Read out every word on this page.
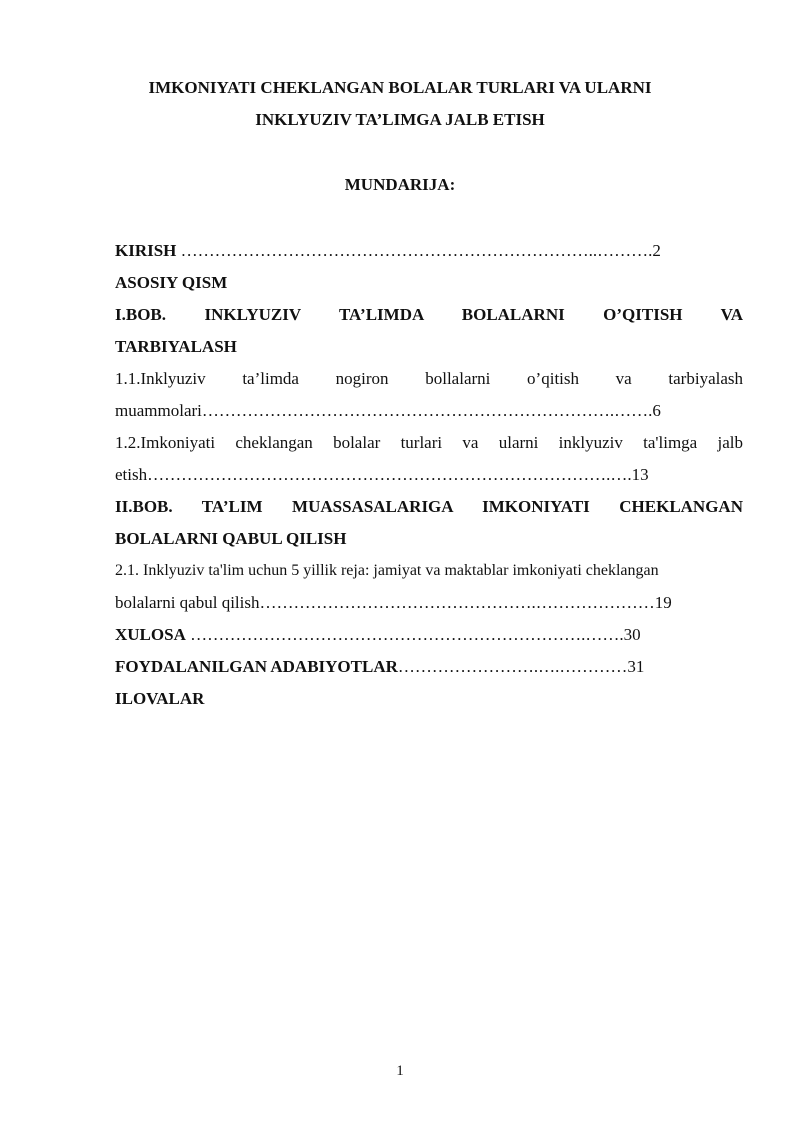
IMKONIYATI CHEKLANGAN BOLALAR TURLARI VA ULARNI
INKLYUZIV TA’LIMGA JALB ETISH
MUNDARIJA:
KIRISH ………………………………………………………………..……….2
ASOSIY QISM
I.BOB. INKLYUZIV TA’LIMDA BOLALARNI O’QITISH VA
TARBIYALASH
1.1.Inklyuziv ta’limda nogiron bollalarni o’qitish va tarbiyalash
muammolari……………………………………………………………….…….6
1.2.Imkoniyati cheklangan bolalar turlari va ularni inklyuziv ta'limga jalb
etish……………………………………………………………………….….13
II.BOB. TA’LIM MUASSASALARIGA IMKONIYATI CHEKLANGAN
BOLALARNI QABUL QILISH
2.1. Inklyuziv ta'lim uchun 5 yillik reja: jamiyat va maktablar imkoniyati cheklangan
bolalarni qabul qilish………………………………………….…………………19
XULOSA …………………………………………………………….…….30
FOYDALANILGAN ADABIYOTLAR…………………….….…………31
ILOVALAR
1
